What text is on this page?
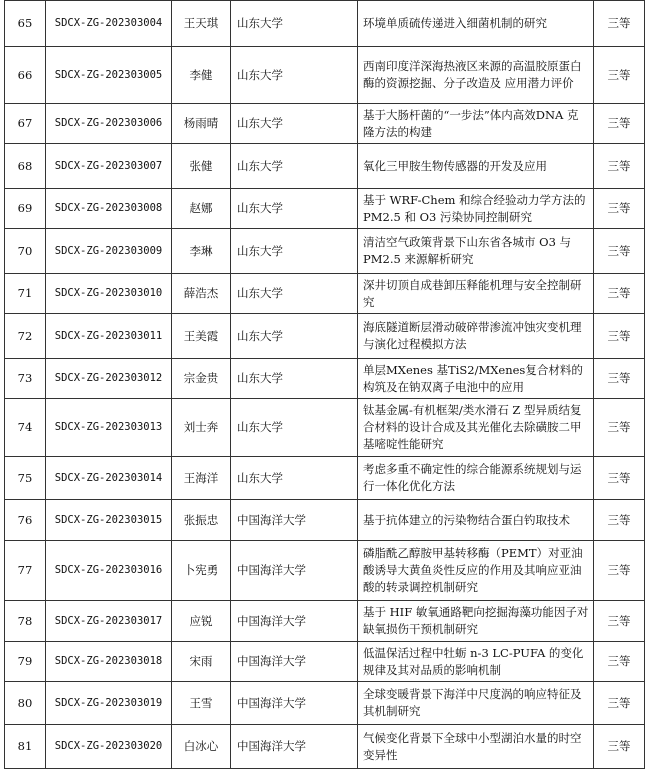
65	SDCX-ZG-202303004	王天琪	山东大学	环境单质硫传递进入细菌机制的研究	三等
66	SDCX-ZG-202303005	李健	山东大学	西南印度洋深海热液区来源的高温胶原蛋白酶的资源挖掘、分子改造及 应用潜力评价	三等
67	SDCX-ZG-202303006	杨雨晴	山东大学	基于大肠杆菌的“一步法”体内高效DNA 克隆方法的构建	三等
68	SDCX-ZG-202303007	张健	山东大学	氧化三甲胺生物传感器的开发及应用	三等
69	SDCX-ZG-202303008	赵娜	山东大学	基于 WRF-Chem 和综合经验动力学方法的 PM2.5 和 O3 污染协同控制研究	三等
70	SDCX-ZG-202303009	李琳	山东大学	清洁空气政策背景下山东省各城市 O3 与 PM2.5 来源解析研究	三等
71	SDCX-ZG-202303010	薛浩杰	山东大学	深井切顶自成巷卸压释能机理与安全控制研究	三等
72	SDCX-ZG-202303011	王美霞	山东大学	海底隧道断层滑动破碎带渗流冲蚀灾变机理与演化过程模拟方法	三等
73	SDCX-ZG-202303012	宗金贵	山东大学	单层MXenes 基TiS2/MXenes复合材料的构筑及在钠双离子电池中的应用	三等
74	SDCX-ZG-202303013	刘士奔	山东大学	钛基金属-有机框架/类水滑石 Z 型异质结复合材料的设计合成及其光催化去除磺胺二甲基嘧啶性能研究	三等
75	SDCX-ZG-202303014	王海洋	山东大学	考虑多重不确定性的综合能源系统规划与运行一体化优化方法	三等
76	SDCX-ZG-202303015	张振忠	中国海洋大学	基于抗体建立的污染物结合蛋白钓取技术	三等
77	SDCX-ZG-202303016	卜宪勇	中国海洋大学	磷脂酰乙醇胺甲基转移酶（PEMT）对亚油酸诱导大黄鱼炎性反应的作用及其响应亚油酸的转录调控机制研究	三等
78	SDCX-ZG-202303017	应锐	中国海洋大学	基于 HIF 敏氧通路靶向挖掘海藻功能因子对缺氧损伤干预机制研究	三等
79	SDCX-ZG-202303018	宋雨	中国海洋大学	低温保活过程中牡蛎 n-3 LC-PUFA 的变化规律及其对品质的影响机制	三等
80	SDCX-ZG-202303019	王雪	中国海洋大学	全球变暖背景下海洋中尺度涡的响应特征及其机制研究	三等
81	SDCX-ZG-202303020	白冰心	中国海洋大学	气候变化背景下全球中小型湖泊水量的时空变异性	三等
